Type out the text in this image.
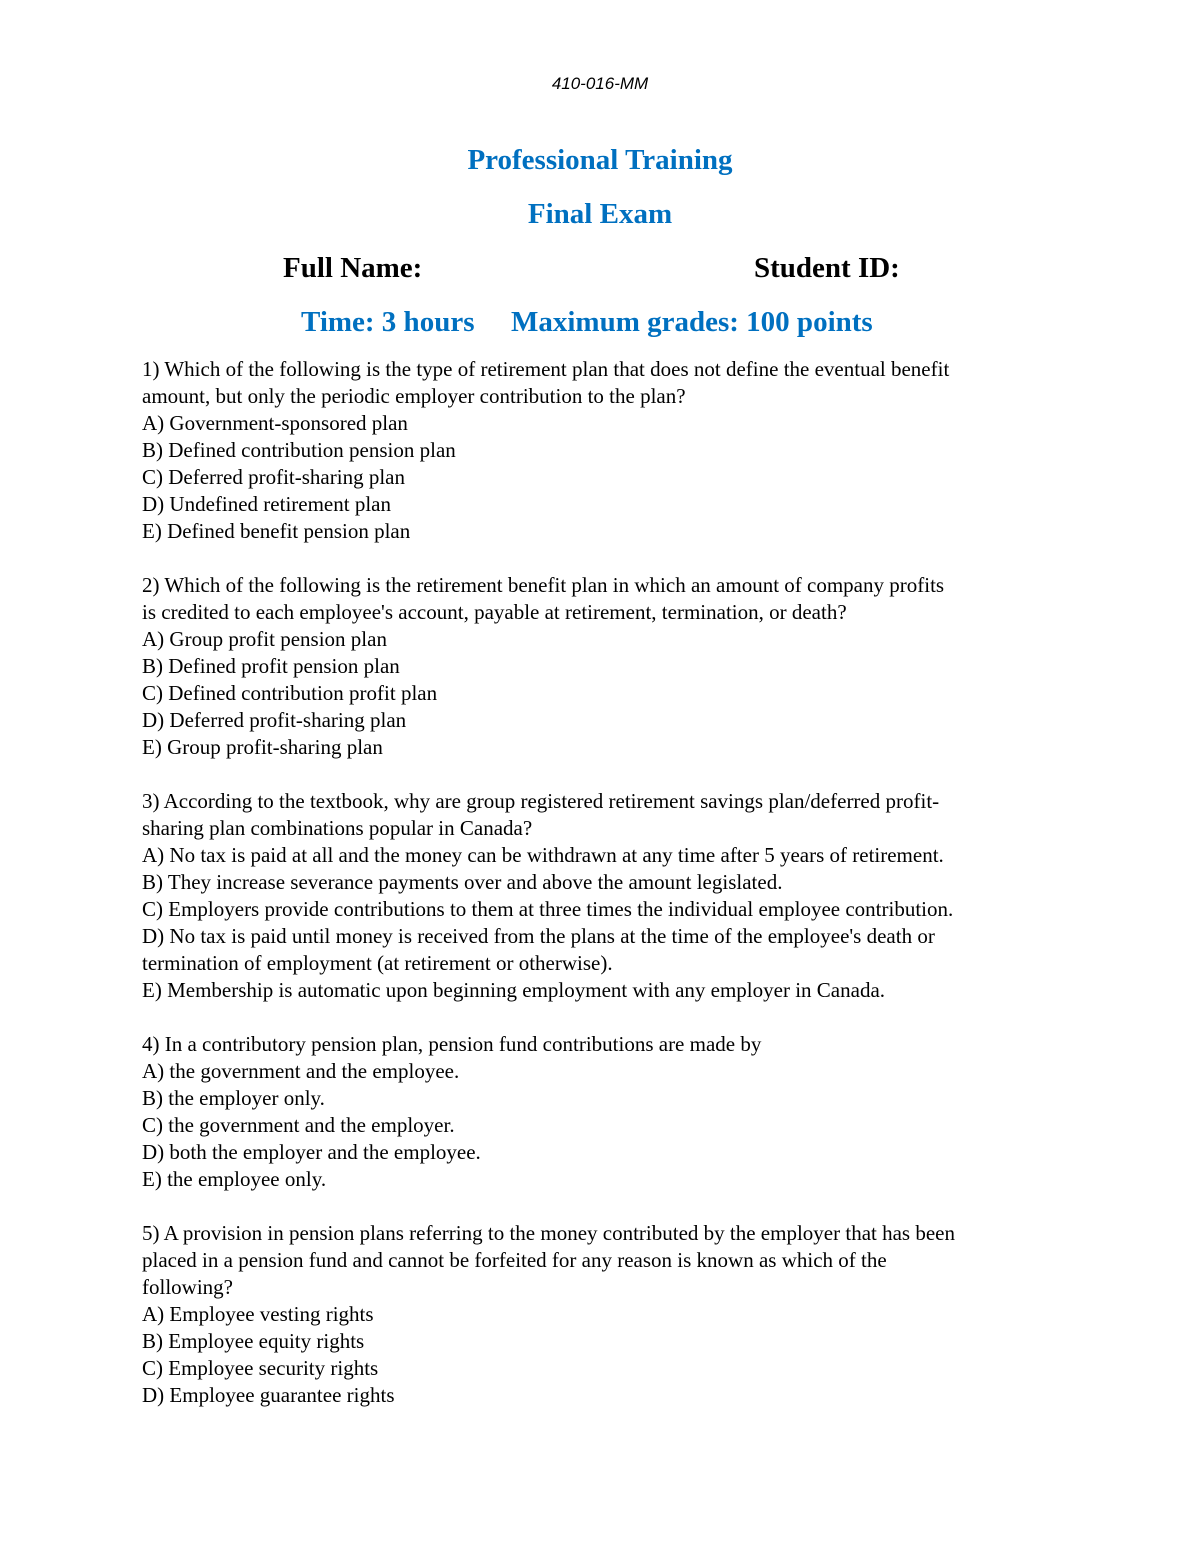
410-016-MM
Professional Training
Final Exam
Full Name:	Student ID:
Time: 3 hours Maximum grades: 100 points
1) Which of the following is the type of retirement plan that does not define the eventual benefit
amount, but only the periodic employer contribution to the plan?
A) Government-sponsored plan
B) Defined contribution pension plan
C) Deferred profit-sharing plan
D) Undefined retirement plan
E) Defined benefit pension plan
2) Which of the following is the retirement benefit plan in which an amount of company profits
is credited to each employee's account, payable at retirement, termination, or death?
A) Group profit pension plan
B) Defined profit pension plan
C) Defined contribution profit plan
D) Deferred profit-sharing plan
E) Group profit-sharing plan
3) According to the textbook, why are group registered retirement savings plan/deferred profit-
sharing plan combinations popular in Canada?
A) No tax is paid at all and the money can be withdrawn at any time after 5 years of retirement.
B) They increase severance payments over and above the amount legislated.
C) Employers provide contributions to them at three times the individual employee contribution.
D) No tax is paid until money is received from the plans at the time of the employee's death or
termination of employment (at retirement or otherwise).
E) Membership is automatic upon beginning employment with any employer in Canada.
4) In a contributory pension plan, pension fund contributions are made by
A) the government and the employee.
B) the employer only.
C) the government and the employer.
D) both the employer and the employee.
E) the employee only.
5) A provision in pension plans referring to the money contributed by the employer that has been
placed in a pension fund and cannot be forfeited for any reason is known as which of the
following?
A) Employee vesting rights
B) Employee equity rights
C) Employee security rights
D) Employee guarantee rights
